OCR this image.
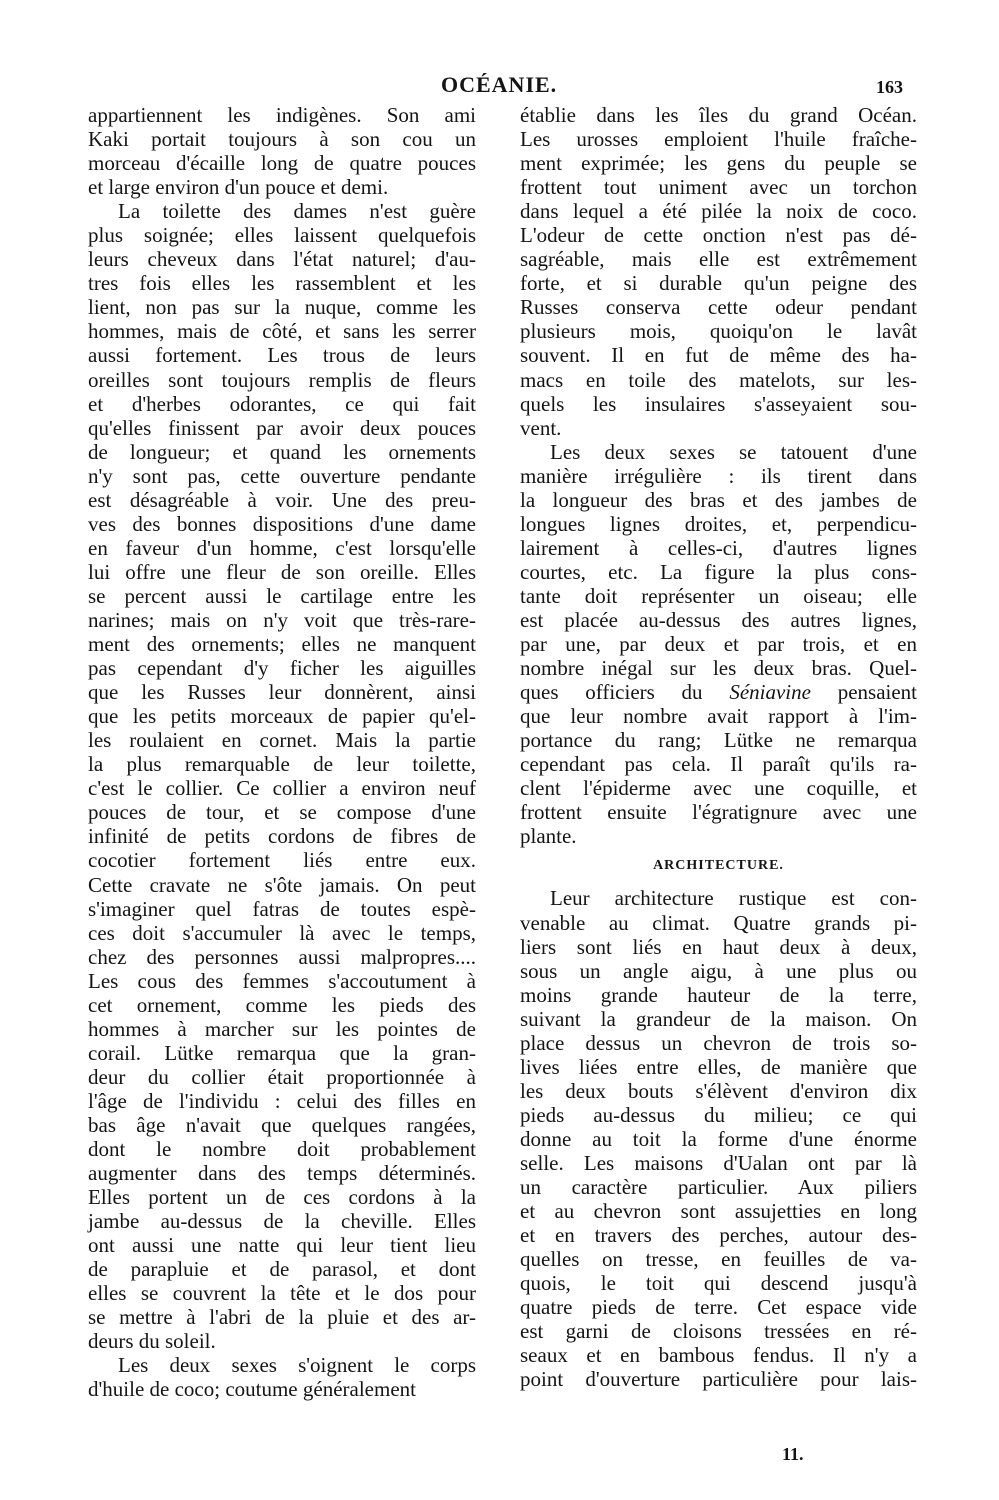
OCÉANIE.	163
appartiennent les indigènes. Son ami
Kaki portait toujours à son cou un
morceau d'écaille long de quatre pouces
et large environ d'un pouce et demi.
La toilette des dames n'est guère
plus soignée; elles laissent quelquefois
leurs cheveux dans l'état naturel; d'au-
tres fois elles les rassemblent et les
lient, non pas sur la nuque, comme les
hommes, mais de côté, et sans les serrer
aussi fortement. Les trous de leurs
oreilles sont toujours remplis de fleurs
et d'herbes odorantes, ce qui fait
qu'elles finissent par avoir deux pouces
de longueur; et quand les ornements
n'y sont pas, cette ouverture pendante
est désagréable à voir. Une des preu-
ves des bonnes dispositions d'une dame
en faveur d'un homme, c'est lorsqu'elle
lui offre une fleur de son oreille. Elles
se percent aussi le cartilage entre les
narines; mais on n'y voit que très-rare-
ment des ornements; elles ne manquent
pas cependant d'y ficher les aiguilles
que les Russes leur donnèrent, ainsi
que les petits morceaux de papier qu'el-
les roulaient en cornet. Mais la partie
la plus remarquable de leur toilette,
c'est le collier. Ce collier a environ neuf
pouces de tour, et se compose d'une
infinité de petits cordons de fibres de
cocotier fortement liés entre eux.
Cette cravate ne s'ôte jamais. On peut
s'imaginer quel fatras de toutes espè-
ces doit s'accumuler là avec le temps,
chez des personnes aussi malpropres....
Les cous des femmes s'accoutument à
cet ornement, comme les pieds des
hommes à marcher sur les pointes de
corail. Lütke remarqua que la gran-
deur du collier était proportionnée à
l'âge de l'individu : celui des filles en
bas âge n'avait que quelques rangées,
dont le nombre doit probablement
augmenter dans des temps déterminés.
Elles portent un de ces cordons à la
jambe au-dessus de la cheville. Elles
ont aussi une natte qui leur tient lieu
de parapluie et de parasol, et dont
elles se couvrent la tête et le dos pour
se mettre à l'abri de la pluie et des ar-
deurs du soleil.
Les deux sexes s'oignent le corps
d'huile de coco; coutume généralement
établie dans les îles du grand Océan.
Les urosses emploient l'huile fraîche-
ment exprimée; les gens du peuple se
frottent tout uniment avec un torchon
dans lequel a été pilée la noix de coco.
L'odeur de cette onction n'est pas dé-
sagréable, mais elle est extrêmement
forte, et si durable qu'un peigne des
Russes conserva cette odeur pendant
plusieurs mois, quoiqu'on le lavât
souvent. Il en fut de même des ha-
macs en toile des matelots, sur les-
quels les insulaires s'asseyaient sou-
vent.
Les deux sexes se tatouent d'une
manière irrégulière : ils tirent dans
la longueur des bras et des jambes de
longues lignes droites, et, perpendicu-
lairement à celles-ci, d'autres lignes
courtes, etc. La figure la plus cons-
tante doit représenter un oiseau; elle
est placée au-dessus des autres lignes,
par une, par deux et par trois, et en
nombre inégal sur les deux bras. Quel-
ques officiers du Séniavine pensaient
que leur nombre avait rapport à l'im-
portance du rang; Lütke ne remarqua
cependant pas cela. Il paraît qu'ils ra-
clent l'épiderme avec une coquille, et
frottent ensuite l'égratignure avec une
plante.
ARCHITECTURE.
Leur architecture rustique est con-
venable au climat. Quatre grands pi-
liers sont liés en haut deux à deux,
sous un angle aigu, à une plus ou
moins grande hauteur de la terre,
suivant la grandeur de la maison. On
place dessus un chevron de trois so-
lives liées entre elles, de manière que
les deux bouts s'élèvent d'environ dix
pieds au-dessus du milieu; ce qui
donne au toit la forme d'une énorme
selle. Les maisons d'Ualan ont par là
un caractère particulier. Aux piliers
et au chevron sont assujetties en long
et en travers des perches, autour des-
quelles on tresse, en feuilles de va-
quois, le toit qui descend jusqu'à
quatre pieds de terre. Cet espace vide
est garni de cloisons tressées en ré-
seaux et en bambous fendus. Il n'y a
point d'ouverture particulière pour lais-
11.
